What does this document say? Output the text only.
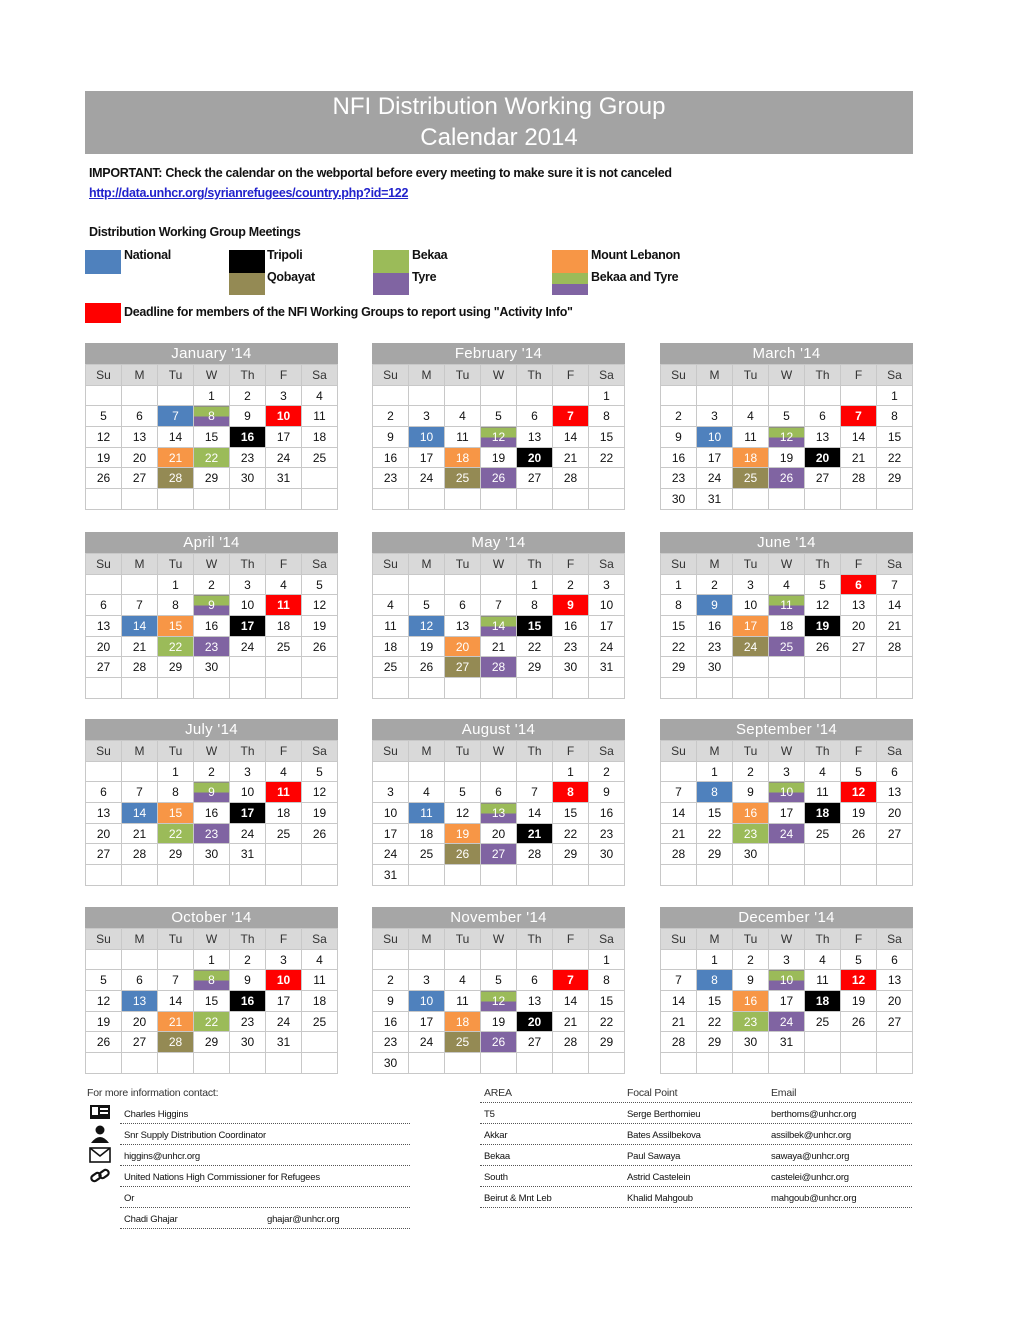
NFI Distribution Working Group
Calendar 2014
IMPORTANT: Check the calendar on the webportal before every meeting to make sure it is not canceled
http://data.unhcr.org/syrianrefugees/country.php?id=122
Distribution Working Group Meetings
National	Tripoli
Qobayat
Bekaa
Tyre
Mount Lebanon
Bekaa and Tyre
Deadline for members of the NFI Working Groups to report using "Activity Info"
January '14
Su	M	Tu	W	Th	F	Sa
			1	2	3	4
5	6	7	8	9	10	11
12	13	14	15	16	17	18
19	20	21	22	23	24	25
26	27	28	29	30	31	

February '14
Su	M	Tu	W	Th	F	Sa
						1
2	3	4	5	6	7	8
9	10	11	12	13	14	15
16	17	18	19	20	21	22
23	24	25	26	27	28	

March '14
Su	M	Tu	W	Th	F	Sa
						1
2	3	4	5	6	7	8
9	10	11	12	13	14	15
16	17	18	19	20	21	22
23	24	25	26	27	28	29
30	31					
April '14
Su	M	Tu	W	Th	F	Sa
		1	2	3	4	5
6	7	8	9	10	11	12
13	14	15	16	17	18	19
20	21	22	23	24	25	26
27	28	29	30			

May '14
Su	M	Tu	W	Th	F	Sa
				1	2	3
4	5	6	7	8	9	10
11	12	13	14	15	16	17
18	19	20	21	22	23	24
25	26	27	28	29	30	31

June '14
Su	M	Tu	W	Th	F	Sa
1	2	3	4	5	6	7
8	9	10	11	12	13	14
15	16	17	18	19	20	21
22	23	24	25	26	27	28
29	30					

July '14
Su	M	Tu	W	Th	F	Sa
		1	2	3	4	5
6	7	8	9	10	11	12
13	14	15	16	17	18	19
20	21	22	23	24	25	26
27	28	29	30	31		

August '14
Su	M	Tu	W	Th	F	Sa
					1	2
3	4	5	6	7	8	9
10	11	12	13	14	15	16
17	18	19	20	21	22	23
24	25	26	27	28	29	30
31						
September '14
Su	M	Tu	W	Th	F	Sa
	1	2	3	4	5	6
7	8	9	10	11	12	13
14	15	16	17	18	19	20
21	22	23	24	25	26	27
28	29	30				

October '14
Su	M	Tu	W	Th	F	Sa
			1	2	3	4
5	6	7	8	9	10	11
12	13	14	15	16	17	18
19	20	21	22	23	24	25
26	27	28	29	30	31	

November '14
Su	M	Tu	W	Th	F	Sa
						1
2	3	4	5	6	7	8
9	10	11	12	13	14	15
16	17	18	19	20	21	22
23	24	25	26	27	28	29
30						
December '14
Su	M	Tu	W	Th	F	Sa
	1	2	3	4	5	6
7	8	9	10	11	12	13
14	15	16	17	18	19	20
21	22	23	24	25	26	27
28	29	30	31			

For more information contact:
Charles Higgins
Snr Supply Distribution Coordinator
higgins@unhcr.org
United Nations High Commissioner for Refugees
Or
Chadi Ghajar	ghajar@unhcr.org
AREA	Focal Point	Email
T5	Serge Berthomieu	berthoms@unhcr.org
Akkar	Bates Assilbekova	assilbek@unhcr.org
Bekaa	Paul Sawaya	sawaya@unhcr.org
South	Astrid Castelein	castelei@unhcr.org
Beirut & Mnt Leb	Khalid Mahgoub	mahgoub@unhcr.org
